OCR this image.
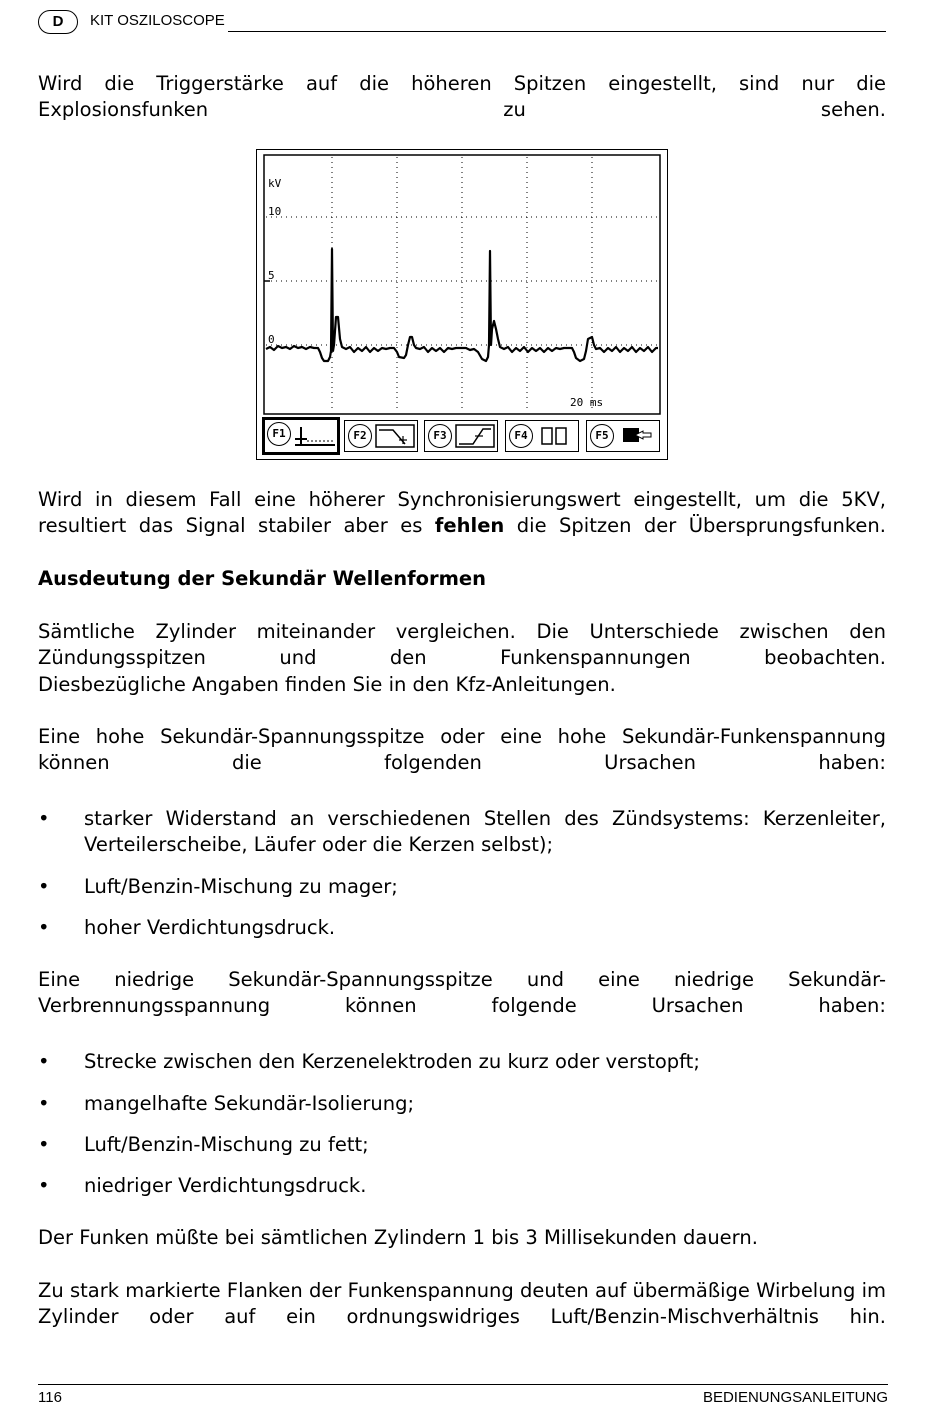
D	KIT OSZILOSCOPE

Wird die Triggerstärke auf die höheren Spitzen eingestellt, sind nur die Explosionsfunken zu sehen.

kV
10
5
0
20 ms
F1	F2	F3	F4	F5

Wird in diesem Fall eine höherer Synchronisierungswert eingestellt, um die 5KV, resultiert das Signal stabiler aber es fehlen die Spitzen der Übersprungsfunken.

Ausdeutung der Sekundär Wellenformen

Sämtliche Zylinder miteinander vergleichen. Die Unterschiede zwischen den Zündungsspitzen und den Funkenspannungen beobachten.

Diesbezügliche Angaben finden Sie in den Kfz-Anleitungen.

Eine hohe Sekundär-Spannungsspitze oder eine hohe Sekundär-Funkenspannung können die folgenden Ursachen haben:

• starker Widerstand an verschiedenen Stellen des Zündsystems: Kerzenleiter, Verteilerscheibe, Läufer oder die Kerzen selbst);
• Luft/Benzin-Mischung zu mager;
• hoher Verdichtungsdruck.

Eine niedrige Sekundär-Spannungsspitze und eine niedrige Sekundär-Verbrennungsspannung können folgende Ursachen haben:

• Strecke zwischen den Kerzenelektroden zu kurz oder verstopft;
• mangelhafte Sekundär-Isolierung;
• Luft/Benzin-Mischung zu fett;
• niedriger Verdichtungsdruck.

Der Funken müßte bei sämtlichen Zylindern 1 bis 3 Millisekunden dauern.

Zu stark markierte Flanken der Funkenspannung deuten auf übermäßige Wirbelung im Zylinder oder auf ein ordnungswidriges Luft/Benzin-Mischverhältnis hin.

116	BEDIENUNGSANLEITUNG
